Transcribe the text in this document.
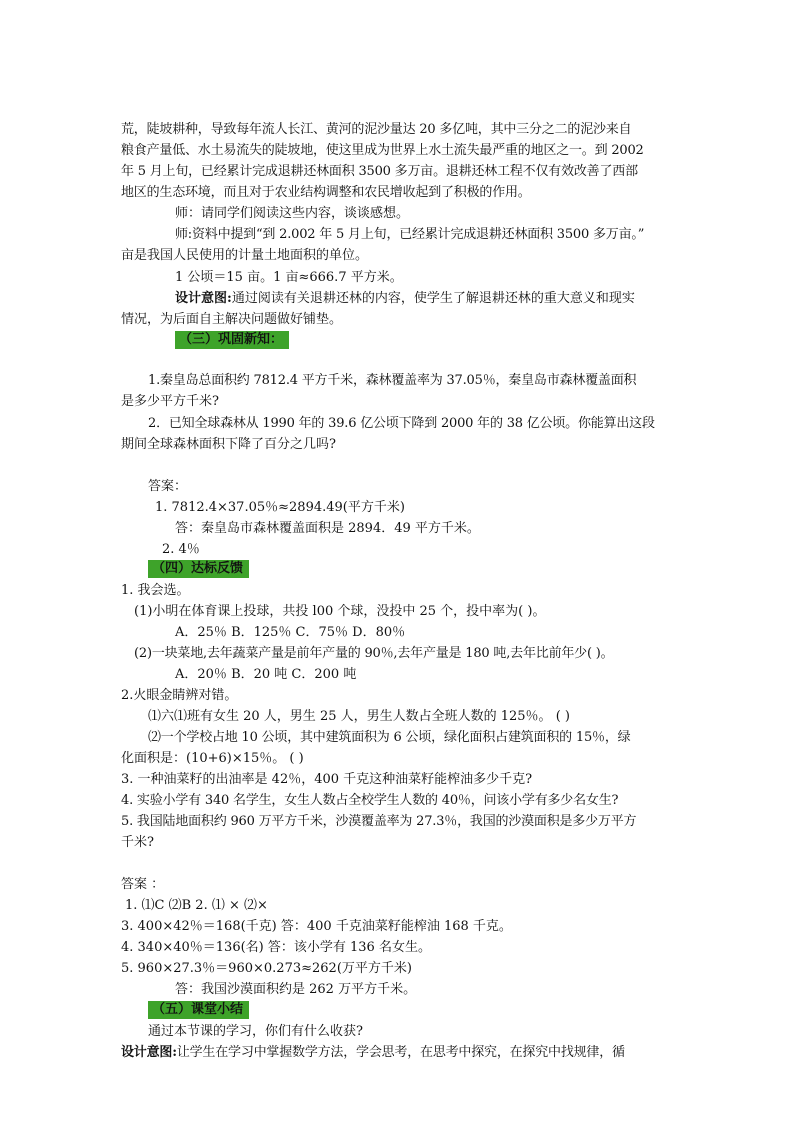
荒，陡坡耕种，导致每年流人长江、黄河的泥沙量达 20 多亿吨，其中三分之二的泥沙来自
粮食产量低、水土易流失的陡坡地，使这里成为世界上水土流失最严重的地区之一。到 2002
年 5 月上旬，已经累计完成退耕还林面积 3500 多万亩。退耕还林工程不仅有效改善了西部
地区的生态环境，而且对于农业结构调整和农民增收起到了积极的作用。
师：请同学们阅读这些内容，谈谈感想。
师:资料中提到“到 2.002 年 5 月上旬，已经累计完成退耕还林面积 3500 多万亩。”
亩是我国人民使用的计量土地面积的单位。
1 公顷＝15 亩。1 亩≈666.7 平方米。
设计意图:通过阅读有关退耕还林的内容，使学生了解退耕还林的重大意义和现实
情况，为后面自主解决问题做好铺垫。
（三）巩固新知：
1.秦皇岛总面积约 7812.4 平方千米，森林覆盖率为 37.05％，秦皇岛市森林覆盖面积
是多少平方千米?
2．已知全球森林从 1990 年的 39.6 亿公顷下降到 2000 年的 38 亿公顷。你能算出这段
期间全球森林面积下降了百分之几吗?
答案：
1. 7812.4×37.05％≈2894.49(平方千米)
答：秦皇岛市森林覆盖面积是 2894．49 平方千米。
2. 4％
（四）达标反馈
1. 我会选。
(1)小明在体育课上投球，共投 l00 个球，没投中 25 个，投中率为( )。
A．25％ B．125％ C．75％ D．80％
(2)一块菜地,去年蔬菜产量是前年产量的 90％,去年产量是 180 吨,去年比前年少( )。
A．20％ B．20 吨 C．200 吨
2.火眼金睛辨对错。
⑴六⑴班有女生 20 人，男生 25 人，男生人数占全班人数的 125％。 ( )
⑵一个学校占地 10 公顷，其中建筑面积为 6 公顷，绿化面积占建筑面积的 15％，绿
化面积是：(10+6)×15％。 ( )
3. 一种油菜籽的出油率是 42％，400 千克这种油菜籽能榨油多少千克?
4. 实验小学有 340 名学生，女生人数占全校学生人数的 40％，问该小学有多少名女生?
5. 我国陆地面积约 960 万平方千米，沙漠覆盖率为 27.3％，我国的沙漠面积是多少万平方
千米?
答案 ：
1. ⑴C ⑵B 2. ⑴ × ⑵×
3. 400×42％＝168(千克) 答：400 千克油菜籽能榨油 168 千克。
4. 340×40％＝136(名) 答：该小学有 136 名女生。
5. 960×27.3％＝960×0.273≈262(万平方千米)
答：我国沙漠面积约是 262 万平方千米。
（五）课堂小结
通过本节课的学习，你们有什么收获?
设计意图:让学生在学习中掌握数学方法，学会思考，在思考中探究，在探究中找规律，循
